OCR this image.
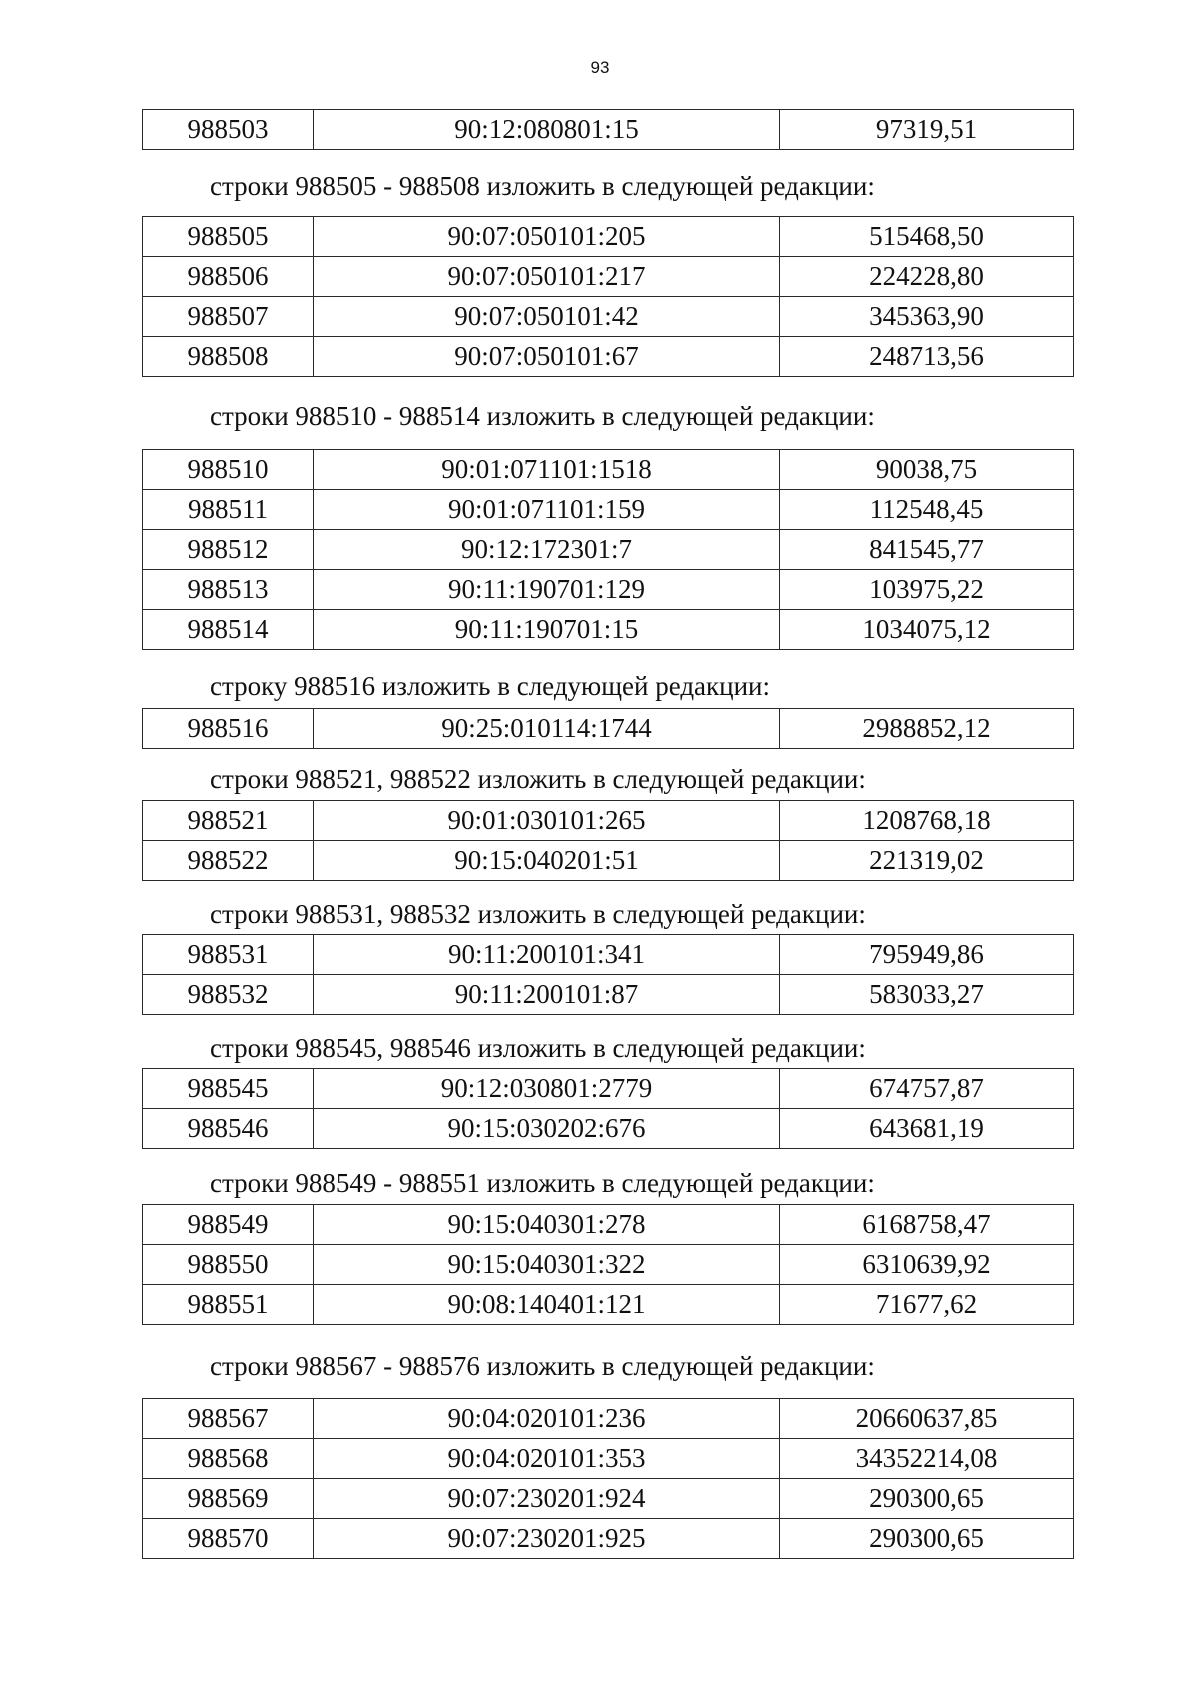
93
988503	90:12:080801:15	97319,51
строки 988505 - 988508 изложить в следующей редакции:
988505	90:07:050101:205	515468,50
988506	90:07:050101:217	224228,80
988507	90:07:050101:42	345363,90
988508	90:07:050101:67	248713,56
строки 988510 - 988514 изложить в следующей редакции:
988510	90:01:071101:1518	90038,75
988511	90:01:071101:159	112548,45
988512	90:12:172301:7	841545,77
988513	90:11:190701:129	103975,22
988514	90:11:190701:15	1034075,12
строку 988516 изложить в следующей редакции:
988516	90:25:010114:1744	2988852,12
строки 988521, 988522 изложить в следующей редакции:
988521	90:01:030101:265	1208768,18
988522	90:15:040201:51	221319,02
строки 988531, 988532 изложить в следующей редакции:
988531	90:11:200101:341	795949,86
988532	90:11:200101:87	583033,27
строки 988545, 988546 изложить в следующей редакции:
988545	90:12:030801:2779	674757,87
988546	90:15:030202:676	643681,19
строки 988549 - 988551 изложить в следующей редакции:
988549	90:15:040301:278	6168758,47
988550	90:15:040301:322	6310639,92
988551	90:08:140401:121	71677,62
строки 988567 - 988576 изложить в следующей редакции:
988567	90:04:020101:236	20660637,85
988568	90:04:020101:353	34352214,08
988569	90:07:230201:924	290300,65
988570	90:07:230201:925	290300,65
